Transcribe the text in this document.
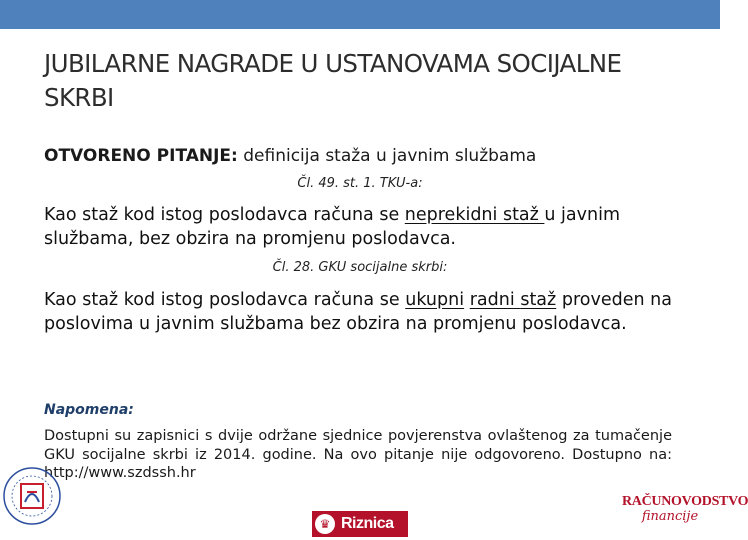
JUBILARNE NAGRADE U USTANOVAMA SOCIJALNE SKRBI
OTVORENO PITANJE: definicija staža u javnim službama
Čl. 49. st. 1. TKU-a:
Kao staž kod istog poslodavca računa se neprekidni staž u javnim službama, bez obzira na promjenu poslodavca.
Čl. 28. GKU socijalne skrbi:
Kao staž kod istog poslodavca računa se ukupni radni staž proveden na poslovima u javnim službama bez obzira na promjenu poslodavca.
Napomena:
Dostupni su zapisnici s dvije održane sjednice povjerenstva ovlaštenog za tumačenje GKU socijalne skrbi iz 2014. godine. Na ovo pitanje nije odgovoreno. Dostupno na: http://www.szdssh.hr
♛ Riznica
RAČUNOVODSTVO
financije
